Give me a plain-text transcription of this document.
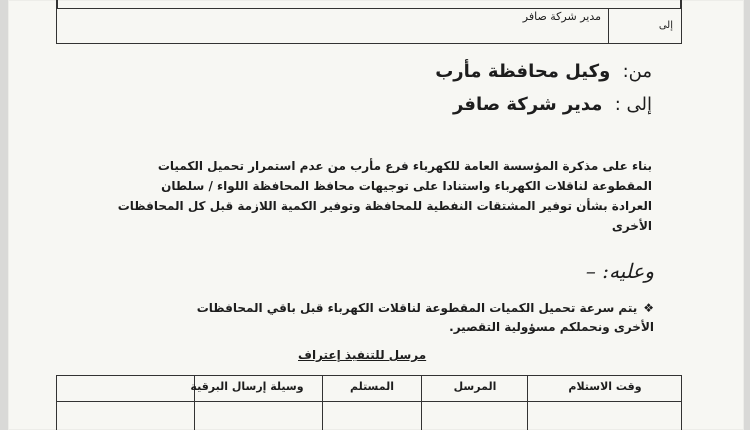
مدير شركة صافر
إلى
من: وكيل محافظة مأرب
إلى : مدير شركة صافر
بناء على مذكرة المؤسسة العامة للكهرباء فرع مأرب من عدم استمرار تحميل الكميات
المقطوعة لناقلات الكهرباء واستنادا على توجيهات محافظ المحافظة اللواء / سلطان
العرادة بشأن توفير المشتقات النفطية للمحافظة وتوفير الكمية اللازمة قبل كل المحافظات
الأخرى
وعليه: –
❖يتم سرعة تحميل الكميات المقطوعة لناقلات الكهرباء قبل باقي المحافظات
الأخرى ونحملكم مسؤولية التقصير.
مرسل للتنفيذ إعتراف
وقت الاستلام
المرسل
المستلم
وسيلة إرسال البرقية
